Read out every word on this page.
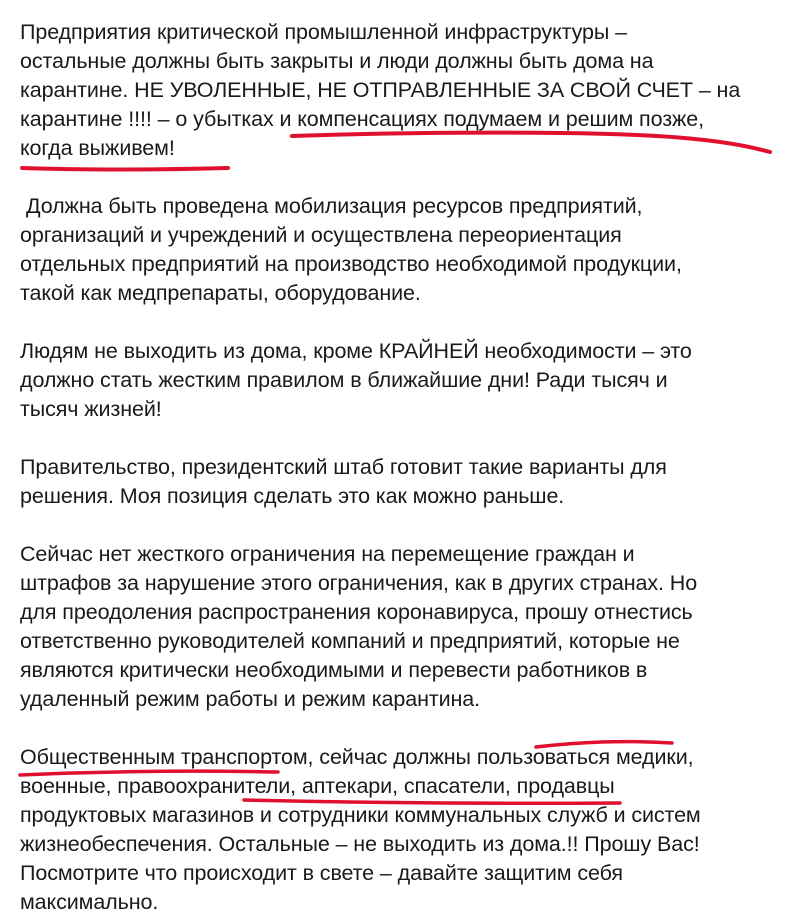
Предприятия критической промышленной инфраструктуры –
остальные должны быть закрыты и люди должны быть дома на
карантине. НЕ УВОЛЕННЫЕ, НЕ ОТПРАВЛЕННЫЕ ЗА СВОЙ СЧЕТ – на
карантине !!!! – о убытках и компенсациях подумаем и решим позже,
когда выживем!

Должна быть проведена мобилизация ресурсов предприятий,
организаций и учреждений и осуществлена переориентация
отдельных предприятий на производство необходимой продукции,
такой как медпрепараты, оборудование.

Людям не выходить из дома, кроме КРАЙНЕЙ необходимости – это
должно стать жестким правилом в ближайшие дни! Ради тысяч и
тысяч жизней!

Правительство, президентский штаб готовит такие варианты для
решения. Моя позиция сделать это как можно раньше.

Сейчас нет жесткого ограничения на перемещение граждан и
штрафов за нарушение этого ограничения, как в других странах. Но
для преодоления распространения коронавируса, прошу отнестись
ответственно руководителей компаний и предприятий, которые не
являются критически необходимыми и перевести работников в
удаленный режим работы и режим карантина.

Общественным транспортом, сейчас должны пользоваться медики,
военные, правоохранители, аптекари, спасатели, продавцы
продуктовых магазинов и сотрудники коммунальных служб и систем
жизнеобеспечения. Остальные – не выходить из дома.!! Прошу Вас!
Посмотрите что происходит в свете – давайте защитим себя
максимально.
